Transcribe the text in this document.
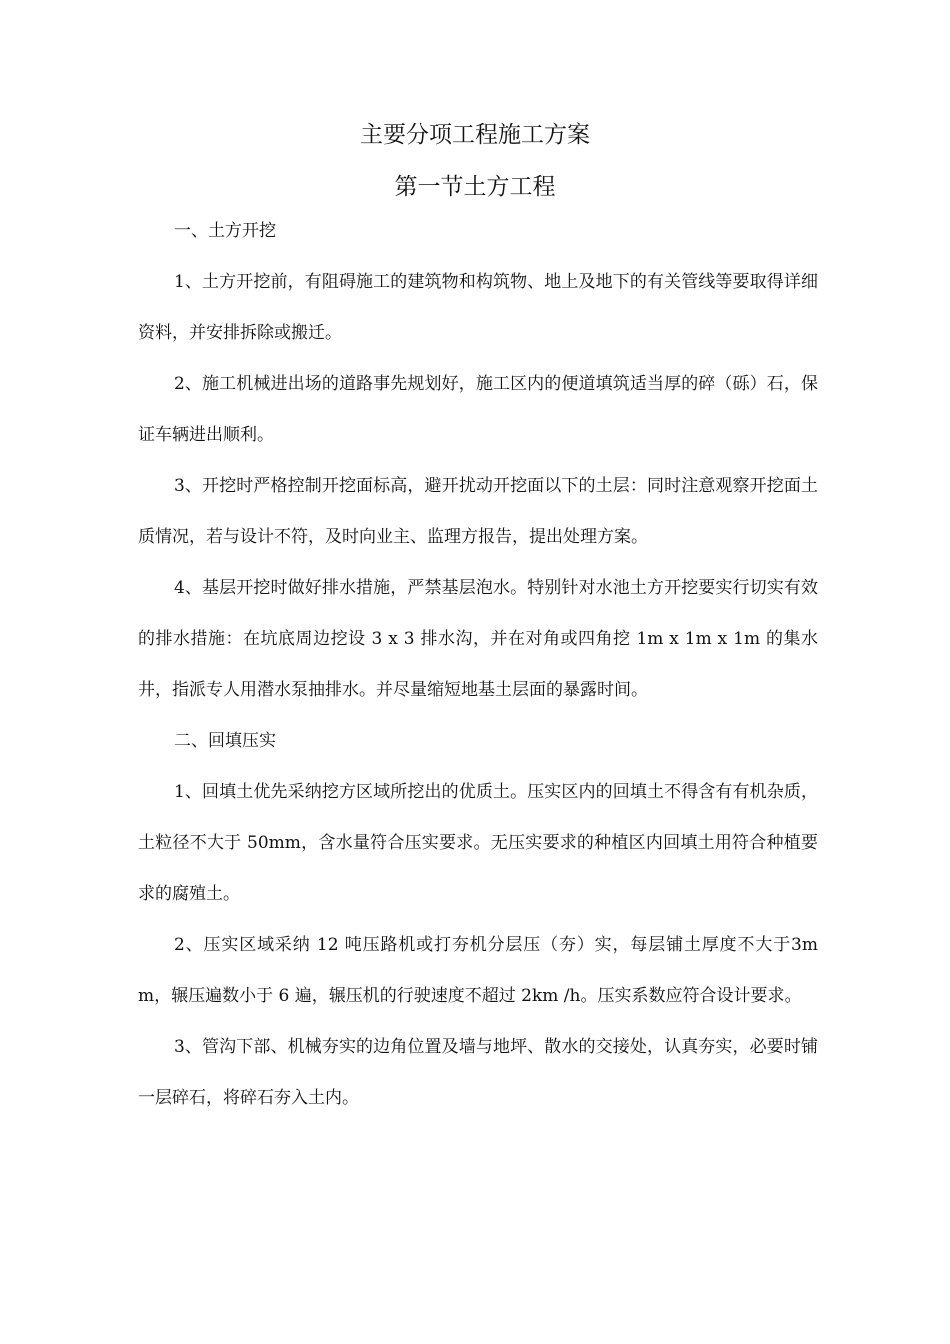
主要分项工程施工方案
第一节土方工程

一、土方开挖

1、土方开挖前，有阻碍施工的建筑物和构筑物、地上及地下的有关管线等要取得详细资料，并安排拆除或搬迁。

2、施工机械进出场的道路事先规划好，施工区内的便道填筑适当厚的碎（砾）石，保证车辆进出顺利。

3、开挖时严格控制开挖面标高，避开扰动开挖面以下的土层：同时注意观察开挖面土质情况，若与设计不符，及时向业主、监理方报告，提出处理方案。

4、基层开挖时做好排水措施，严禁基层泡水。特别针对水池土方开挖要实行切实有效的排水措施：在坑底周边挖设 3 x 3 排水沟，并在对角或四角挖 1m x 1m x 1m 的集水井，指派专人用潜水泵抽排水。并尽量缩短地基土层面的暴露时间。

二、回填压实

1、回填土优先采纳挖方区域所挖出的优质土。压实区内的回填土不得含有有机杂质，土粒径不大于 50mm，含水量符合压实要求。无压实要求的种植区内回填土用符合种植要求的腐殖土。

2、压实区域采纳 12 吨压路机或打夯机分层压（夯）实，每层铺土厚度不大于3mm，辗压遍数小于 6 遍，辗压机的行驶速度不超过 2km /h。压实系数应符合设计要求。

3、管沟下部、机械夯实的边角位置及墙与地坪、散水的交接处，认真夯实，必要时铺一层碎石，将碎石夯入土内。
